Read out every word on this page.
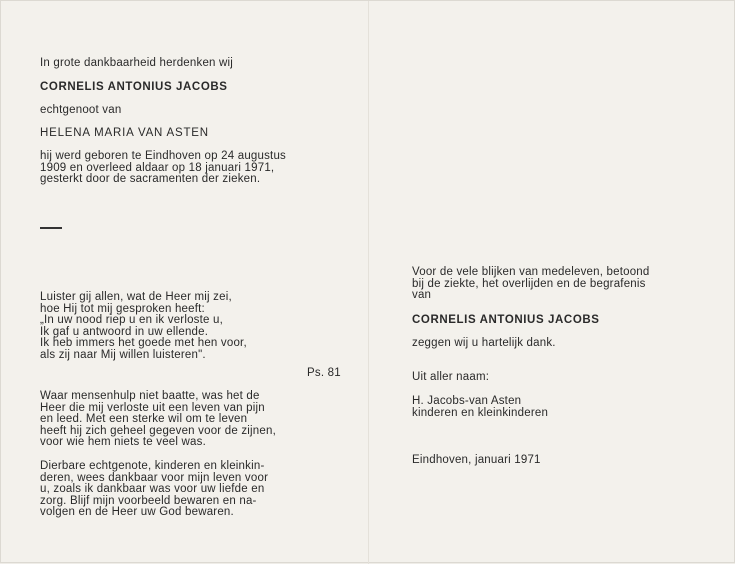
In grote dankbaarheid herdenken wij
CORNELIS ANTONIUS JACOBS
echtgenoot van
HELENA MARIA VAN ASTEN
hij werd geboren te Eindhoven op 24 augustus
1909 en overleed aldaar op 18 januari 1971,
gesterkt door de sacramenten der zieken.
Luister gij allen, wat de Heer mij zei,
hoe Hij tot mij gesproken heeft:
„In uw nood riep u en ik verloste u,
Ik gaf u antwoord in uw ellende.
Ik heb immers het goede met hen voor,
als zij naar Mij willen luisteren".
Ps. 81
Waar mensenhulp niet baatte, was het de
Heer die mij verloste uit een leven van pijn
en leed. Met een sterke wil om te leven
heeft hij zich geheel gegeven voor de zijnen,
voor wie hem niets te veel was.
Dierbare echtgenote, kinderen en kleinkin-
deren, wees dankbaar voor mijn leven voor
u, zoals ik dankbaar was voor uw liefde en
zorg. Blijf mijn voorbeeld bewaren en na-
volgen en de Heer uw God bewaren.
Voor de vele blijken van medeleven, betoond
bij de ziekte, het overlijden en de begrafenis
van
CORNELIS ANTONIUS JACOBS
zeggen wij u hartelijk dank.
Uit aller naam:
H. Jacobs-van Asten
kinderen en kleinkinderen
Eindhoven, januari 1971
